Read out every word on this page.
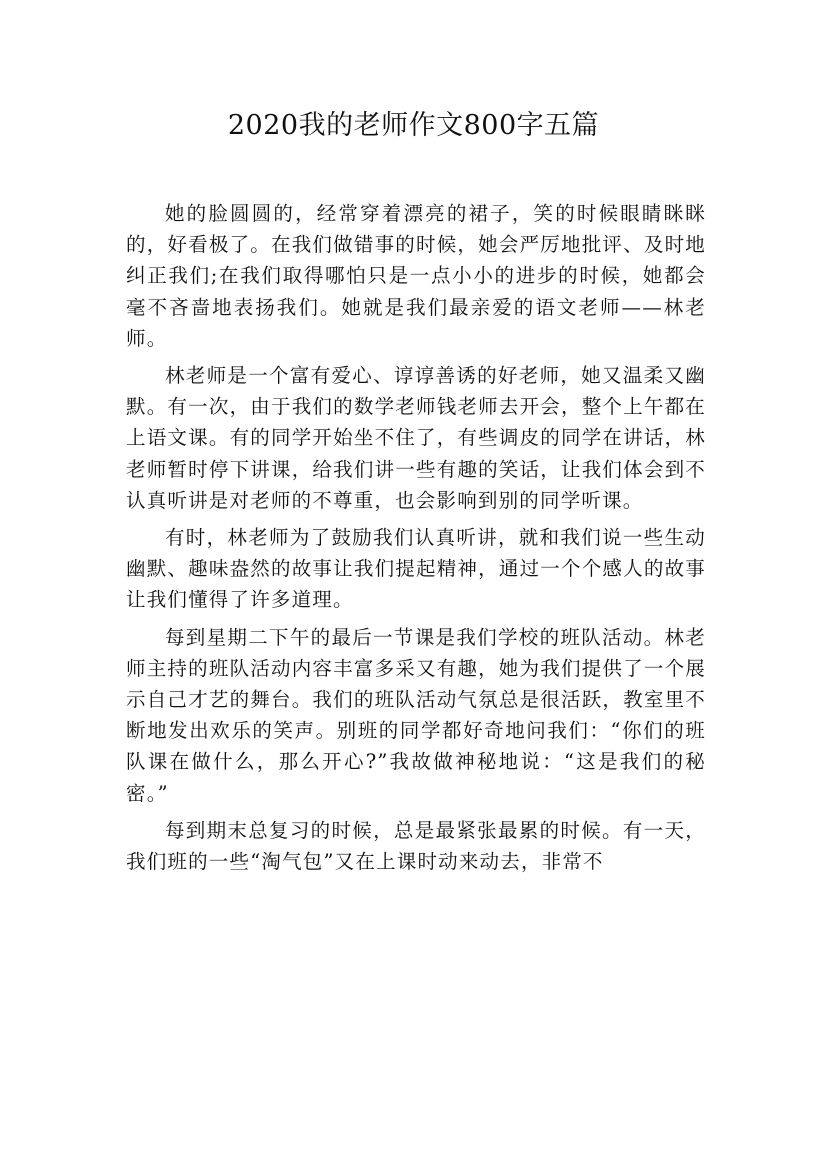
2020我的老师作文800字五篇

她的脸圆圆的，经常穿着漂亮的裙子，笑的时候眼睛眯眯的，好看极了。在我们做错事的时候，她会严厉地批评、及时地纠正我们;在我们取得哪怕只是一点小小的进步的时候，她都会毫不吝啬地表扬我们。她就是我们最亲爱的语文老师——林老师。

林老师是一个富有爱心、谆谆善诱的好老师，她又温柔又幽默。有一次，由于我们的数学老师钱老师去开会，整个上午都在上语文课。有的同学开始坐不住了，有些调皮的同学在讲话，林老师暂时停下讲课，给我们讲一些有趣的笑话，让我们体会到不认真听讲是对老师的不尊重，也会影响到别的同学听课。

有时，林老师为了鼓励我们认真听讲，就和我们说一些生动幽默、趣味盎然的故事让我们提起精神，通过一个个感人的故事让我们懂得了许多道理。

每到星期二下午的最后一节课是我们学校的班队活动。林老师主持的班队活动内容丰富多采又有趣，她为我们提供了一个展示自己才艺的舞台。我们的班队活动气氛总是很活跃，教室里不断地发出欢乐的笑声。别班的同学都好奇地问我们：“你们的班队课在做什么，那么开心?”我故做神秘地说：“这是我们的秘密。”

每到期末总复习的时候，总是最紧张最累的时候。有一天，我们班的一些“淘气包”又在上课时动来动去，非常不
